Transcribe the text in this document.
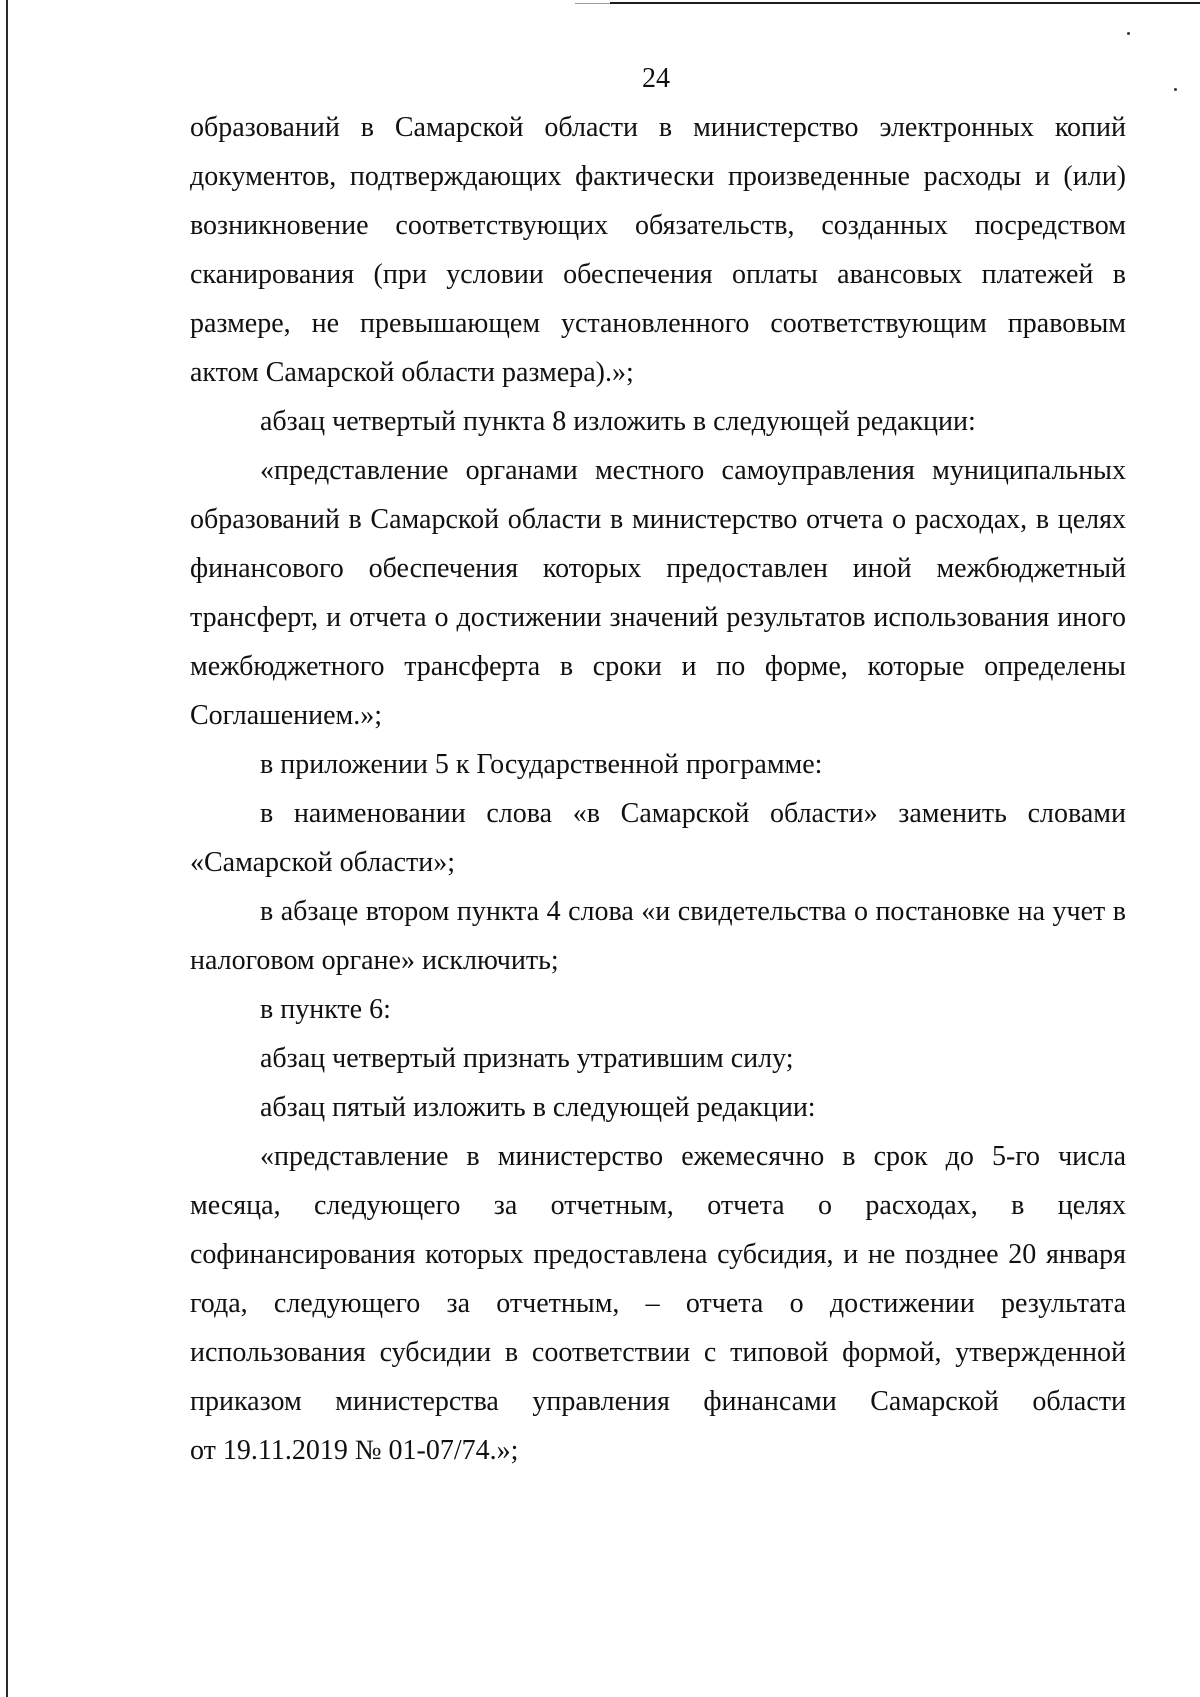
24
образований в Самарской области в министерство электронных копий
документов, подтверждающих фактически произведенные расходы и (или)
возникновение соответствующих обязательств, созданных посредством
сканирования (при условии обеспечения оплаты авансовых платежей в
размере, не превышающем установленного соответствующим правовым
актом Самарской области размера).»;
абзац четвертый пункта 8 изложить в следующей редакции:
«представление органами местного самоуправления муниципальных
образований в Самарской области в министерство отчета о расходах, в целях
финансового обеспечения которых предоставлен иной межбюджетный
трансферт, и отчета о достижении значений результатов использования иного
межбюджетного трансферта в сроки и по форме, которые определены
Соглашением.»;
в приложении 5 к Государственной программе:
в наименовании слова «в Самарской области» заменить словами
«Самарской области»;
в абзаце втором пункта 4 слова «и свидетельства о постановке на учет в
налоговом органе» исключить;
в пункте 6:
абзац четвертый признать утратившим силу;
абзац пятый изложить в следующей редакции:
«представление в министерство ежемесячно в срок до 5-го числа
месяца, следующего за отчетным, отчета о расходах, в целях
софинансирования которых предоставлена субсидия, и не позднее 20 января
года, следующего за отчетным, – отчета о достижении результата
использования субсидии в соответствии с типовой формой, утвержденной
приказом министерства управления финансами Самарской области
от 19.11.2019 № 01-07/74.»;
